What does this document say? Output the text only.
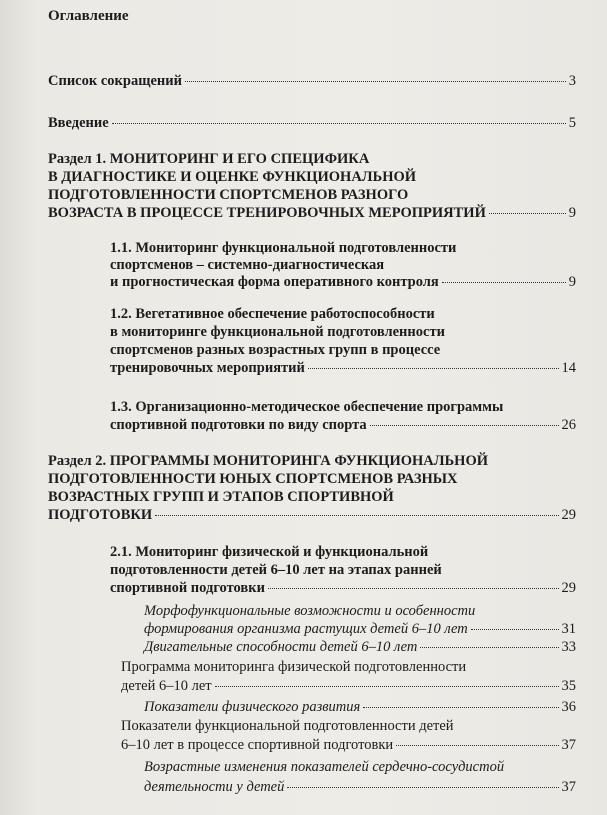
Оглавление
Список сокращений	3
Введение	5
Раздел 1. МОНИТОРИНГ И ЕГО СПЕЦИФИКА
В ДИАГНОСТИКЕ И ОЦЕНКЕ ФУНКЦИОНАЛЬНОЙ
ПОДГОТОВЛЕННОСТИ СПОРТСМЕНОВ РАЗНОГО
ВОЗРАСТА В ПРОЦЕССЕ ТРЕНИРОВОЧНЫХ МЕРОПРИЯТИЙ	9
1.1. Мониторинг функциональной подготовленности
спортсменов – системно-диагностическая
и прогностическая форма оперативного контроля	9
1.2. Вегетативное обеспечение работоспособности
в мониторинге функциональной подготовленности
спортсменов разных возрастных групп в процессе
тренировочных мероприятий	14
1.3. Организационно-методическое обеспечение программы
спортивной подготовки по виду спорта	26
Раздел 2. ПРОГРАММЫ МОНИТОРИНГА ФУНКЦИОНАЛЬНОЙ
ПОДГОТОВЛЕННОСТИ ЮНЫХ СПОРТСМЕНОВ РАЗНЫХ
ВОЗРАСТНЫХ ГРУПП И ЭТАПОВ СПОРТИВНОЙ
ПОДГОТОВКИ	29
2.1. Мониторинг физической и функциональной
подготовленности детей 6–10 лет на этапах ранней
спортивной подготовки	29
Морфофункциональные возможности и особенности
формирования организма растущих детей 6–10 лет	31
Двигательные способности детей 6–10 лет	33
Программа мониторинга физической подготовленности
детей 6–10 лет	35
Показатели физического развития	36
Показатели функциональной подготовленности детей
6–10 лет в процессе спортивной подготовки	37
Возрастные изменения показателей сердечно-сосудистой
деятельности у детей	37
